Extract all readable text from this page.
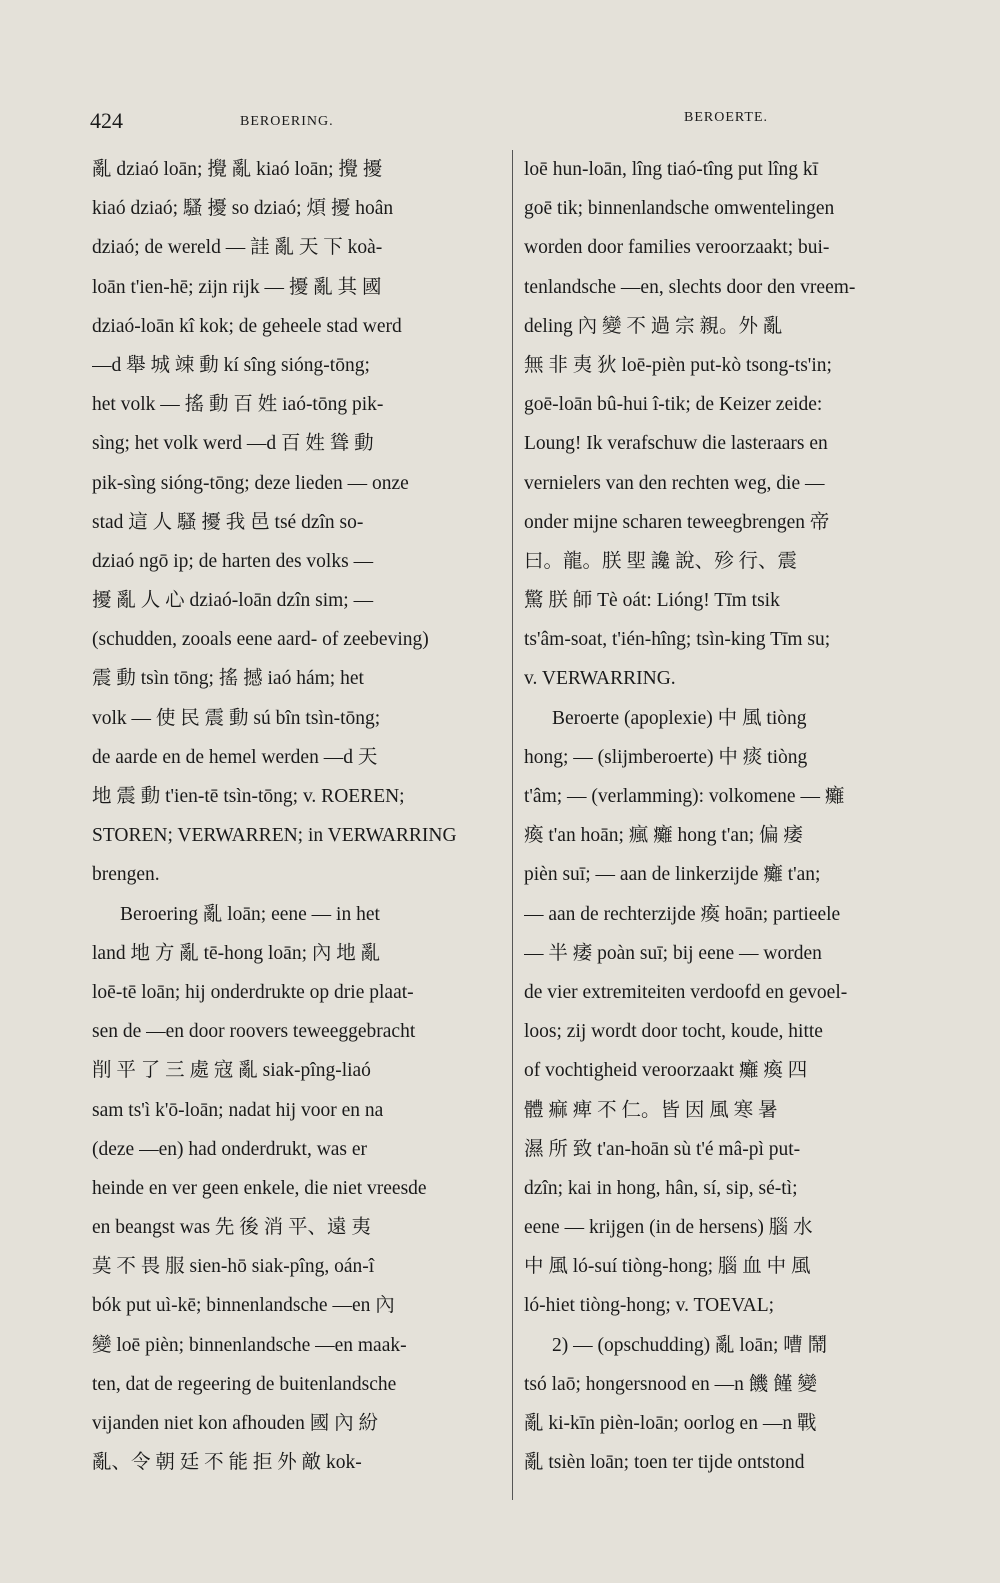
424	BEROERING.	BEROERTE.
亂 dziaó loān; 攪 亂 kiaó loān; 攪 擾
kiaó dziaó; 騷 擾 so dziaó; 煩 擾 hoân
dziaó; de wereld — 詿 亂 天 下 koà-
loān t'ien-hē; zijn rijk — 擾 亂 其 國
dziaó-loān kî kok; de geheele stad werd
—d 舉 城 竦 動 kí sîng sióng-tōng;
het volk — 搖 動 百 姓 iaó-tōng pik-
sìng; het volk werd —d 百 姓 聳 動
pik-sìng sióng-tōng; deze lieden — onze
stad 這 人 騷 擾 我 邑 tsé dzîn so-
dziaó ngō ip; de harten des volks —
擾 亂 人 心 dziaó-loān dzîn sim; —
(schudden, zooals eene aard- of zeebeving)
震 動 tsìn tōng; 搖 撼 iaó hám; het
volk — 使 民 震 動 sú bîn tsìn-tōng;
de aarde en de hemel werden —d 天
地 震 動 t'ien-tē tsìn-tōng; v. ROEREN;
STOREN; VERWARREN; in VERWARRING
brengen.
Beroering 亂 loān; eene — in het
land 地 方 亂 tē-hong loān; 內 地 亂
loē-tē loān; hij onderdrukte op drie plaat-
sen de —en door roovers teweeggebracht
削 平 了 三 處 寇 亂 siak-pîng-liaó
sam ts'ì k'ō-loān; nadat hij voor en na
(deze —en) had onderdrukt, was er
heinde en ver geen enkele, die niet vreesde
en beangst was 先 後 消 平、遠 夷
莫 不 畏 服 sien-hō siak-pîng, oán-î
bók put uì-kē; binnenlandsche —en 內
變 loē pièn; binnenlandsche —en maak-
ten, dat de regeering de buitenlandsche
vijanden niet kon afhouden 國 內 紛
亂、令 朝 廷 不 能 拒 外 敵 kok-
loē hun-loān, lîng tiaó-tîng put lîng kī
goē tik; binnenlandsche omwentelingen
worden door families veroorzaakt; bui-
tenlandsche —en, slechts door den vreem-
deling 內 變 不 過 宗 親。外 亂
無 非 夷 狄 loē-pièn put-kò tsong-ts'in;
goē-loān bû-hui î-tik; de Keizer zeide:
Loung! Ik verafschuw die lasteraars en
vernielers van den rechten weg, die —
onder mijne scharen teweegbrengen 帝
曰。龍。朕 堲 讒 說、殄 行、震
驚 朕 師 Tè oát: Lióng! Tīm tsik
ts'âm-soat, t'ién-hîng; tsìn-king Tīm su;
v. VERWARRING.
Beroerte (apoplexie) 中 風 tiòng
hong; — (slijmberoerte) 中 痰 tiòng
t'âm; — (verlamming): volkomene — 癱
瘓 t'an hoān; 瘋 癱 hong t'an; 偏 痿
pièn suī; — aan de linkerzijde 癱 t'an;
— aan de rechterzijde 瘓 hoān; partieele
— 半 痿 poàn suī; bij eene — worden
de vier extremiteiten verdoofd en gevoel-
loos; zij wordt door tocht, koude, hitte
of vochtigheid veroorzaakt 癱 瘓 四
體 痲 痺 不 仁。皆 因 風 寒 暑
濕 所 致 t'an-hoān sù t'é mâ-pì put-
dzîn; kai in hong, hân, sí, sip, sé-tì;
eene — krijgen (in de hersens) 腦 水
中 風 ló-suí tiòng-hong; 腦 血 中 風
ló-hiet tiòng-hong; v. TOEVAL;
2) — (opschudding) 亂 loān; 嘈 鬧
tsó laō; hongersnood en —n 饑 饉 變
亂 ki-kīn pièn-loān; oorlog en —n 戰
亂 tsièn loān; toen ter tijde ontstond
